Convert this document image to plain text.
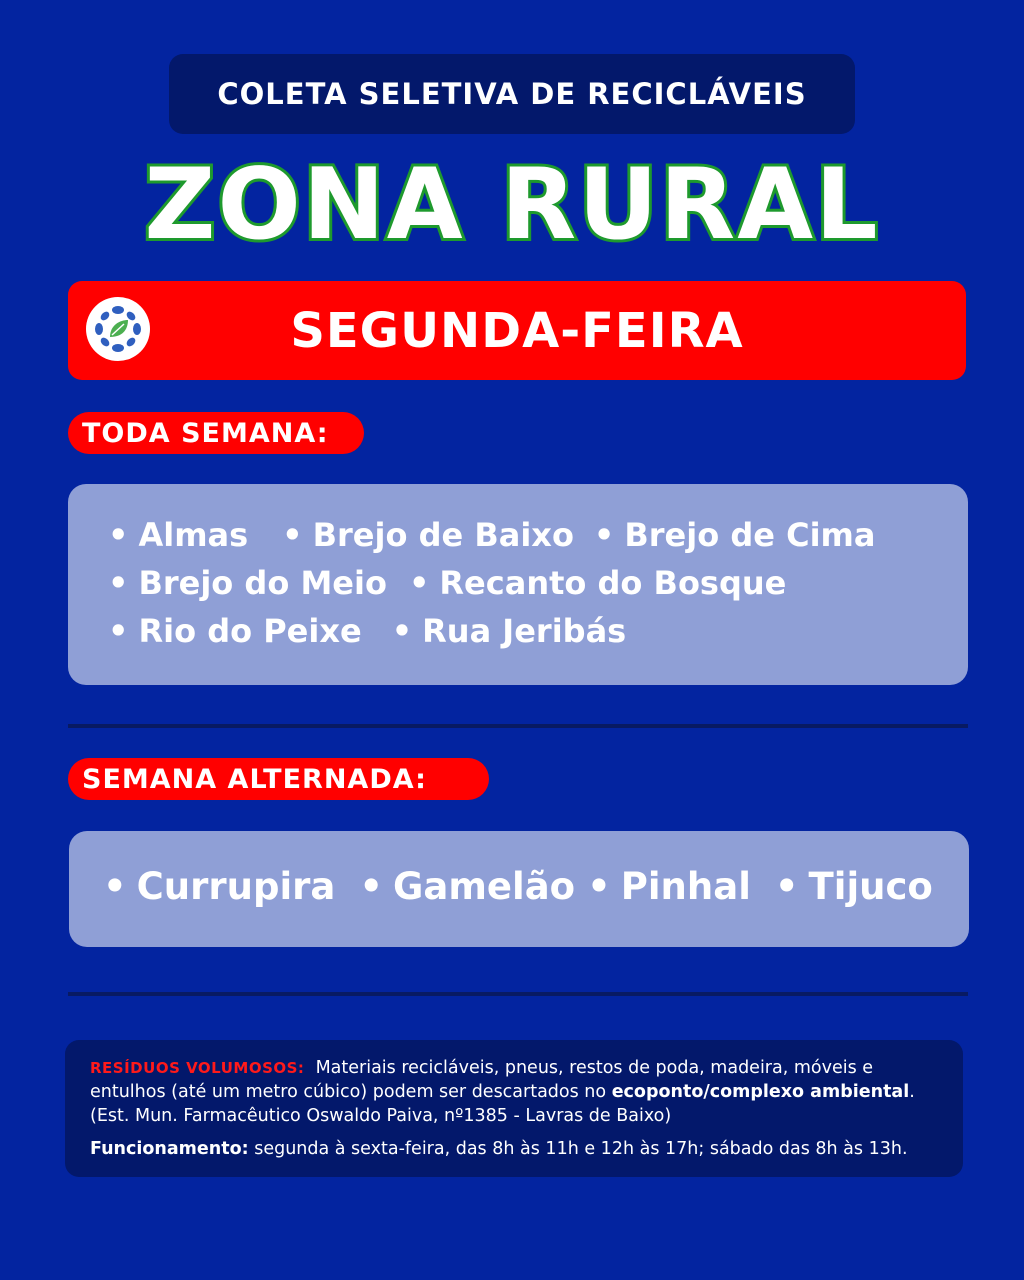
COLETA SELETIVA DE RECICLÁVEIS
ZONA RURAL
SEGUNDA-FEIRA
TODA SEMANA:
• Almas • Brejo de Baixo • Brejo de Cima
• Brejo do Meio • Recanto do Bosque
• Rio do Peixe • Rua Jeribás
SEMANA ALTERNADA:
• Currupira • Gamelão • Pinhal • Tijuco

RESÍDUOS VOLUMOSOS: Materiais recicláveis, pneus, restos de poda, madeira, móveis e entulhos (até um metro cúbico) podem ser descartados no ecoponto/complexo ambiental. (Est. Mun. Farmacêutico Oswaldo Paiva, nº1385 - Lavras de Baixo)

Funcionamento: segunda à sexta-feira, das 8h às 11h e 12h às 17h; sábado das 8h às 13h.
